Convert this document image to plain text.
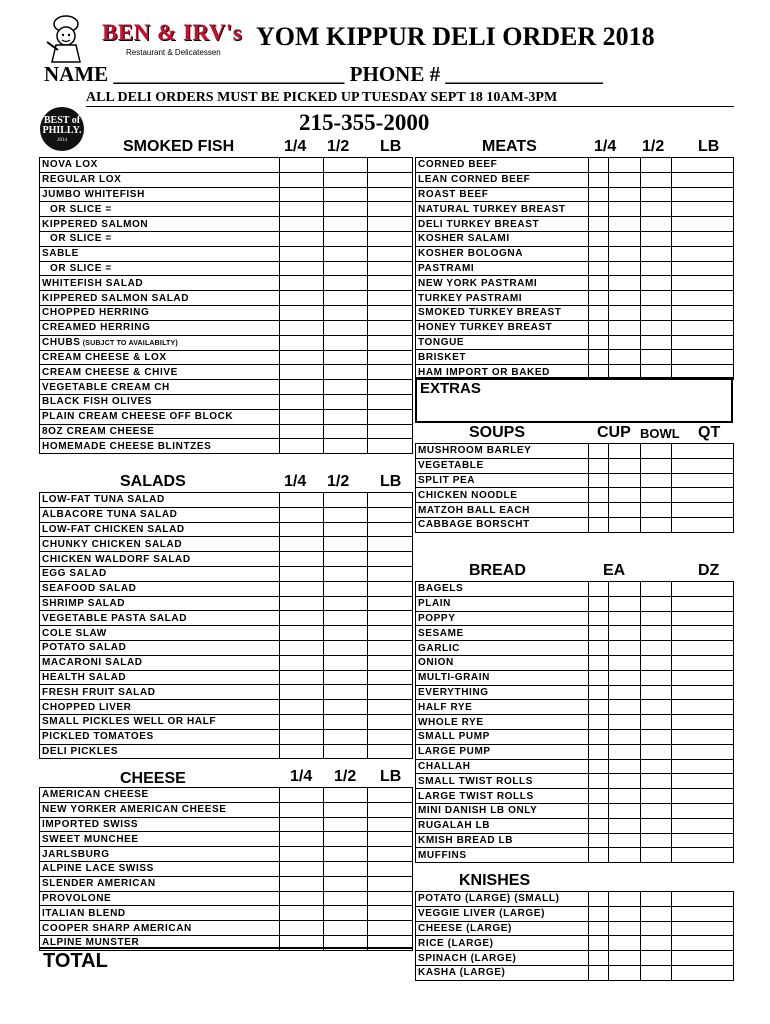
BEN & IRV's
Restaurant & Delicatessen
YOM KIPPUR DELI ORDER 2018
NAME ______________________ PHONE # _______________
ALL DELI ORDERS MUST BE PICKED UP TUESDAY SEPT 18 10AM-3PM
215-355-2000
BEST of
PHILLY.
2014	SMOKED FISH	1/4 1/2 LB
NOVA LOX			
REGULAR LOX			
JUMBO WHITEFISH			
OR SLICE =			
KIPPERED SALMON			
OR SLICE =			
SABLE			
OR SLICE =			
WHITEFISH SALAD			
KIPPERED SALMON SALAD			
CHOPPED HERRING			
CREAMED HERRING			
CHUBS (SUBJCT TO AVAILABILTY)			
CREAM CHEESE & LOX			
CREAM CHEESE & CHIVE			
VEGETABLE CREAM CH			
BLACK FISH OLIVES			
PLAIN CREAM CHEESE OFF BLOCK			
8OZ CREAM CHEESE			
HOMEMADE CHEESE BLINTZES			
SALADS	1/4 1/2 LB
LOW-FAT TUNA SALAD			
ALBACORE TUNA SALAD			
LOW-FAT CHICKEN SALAD			
CHUNKY CHICKEN SALAD			
CHICKEN WALDORF SALAD			
EGG SALAD			
SEAFOOD SALAD			
SHRIMP SALAD			
VEGETABLE PASTA SALAD			
COLE SLAW			
POTATO SALAD			
MACARONI SALAD			
HEALTH SALAD			
FRESH FRUIT SALAD			
CHOPPED LIVER			
SMALL PICKLES WELL OR HALF			
PICKLED TOMATOES			
DELI PICKLES			
CHEESE	1/4 1/2 LB
AMERICAN CHEESE			
NEW YORKER AMERICAN CHEESE			
IMPORTED SWISS			
SWEET MUNCHEE			
JARLSBURG			
ALPINE LACE SWISS			
SLENDER AMERICAN			
PROVOLONE			
ITALIAN BLEND			
COOPER SHARP AMERICAN			
ALPINE MUNSTER			
TOTAL
MEATS	1/4 1/2 LB
CORNED BEEF				
LEAN CORNED BEEF				
ROAST BEEF				
NATURAL TURKEY BREAST				
DELI TURKEY BREAST				
KOSHER SALAMI				
KOSHER BOLOGNA				
PASTRAMI				
NEW YORK PASTRAMI				
TURKEY PASTRAMI				
SMOKED TURKEY BREAST				
HONEY TURKEY BREAST				
TONGUE				
BRISKET				
HAM IMPORT OR BAKED				
EXTRAS
SOUPS	CUP BOWL QT
MUSHROOM BARLEY				
VEGETABLE				
SPLIT PEA				
CHICKEN NOODLE				
MATZOH BALL EACH				
CABBAGE BORSCHT				
BREAD	EA	DZ
BAGELS				
PLAIN				
POPPY				
SESAME				
GARLIC				
ONION				
MULTI-GRAIN				
EVERYTHING				
HALF RYE				
WHOLE RYE				
SMALL PUMP				
LARGE PUMP				
CHALLAH				
SMALL TWIST ROLLS				
LARGE TWIST ROLLS				
MINI DANISH LB ONLY				
RUGALAH LB				
KMISH BREAD LB				
MUFFINS				
KNISHES
POTATO (LARGE) (SMALL)				
VEGGIE LIVER (LARGE)				
CHEESE (LARGE)				
RICE (LARGE)				
SPINACH (LARGE)				
KASHA (LARGE)				
